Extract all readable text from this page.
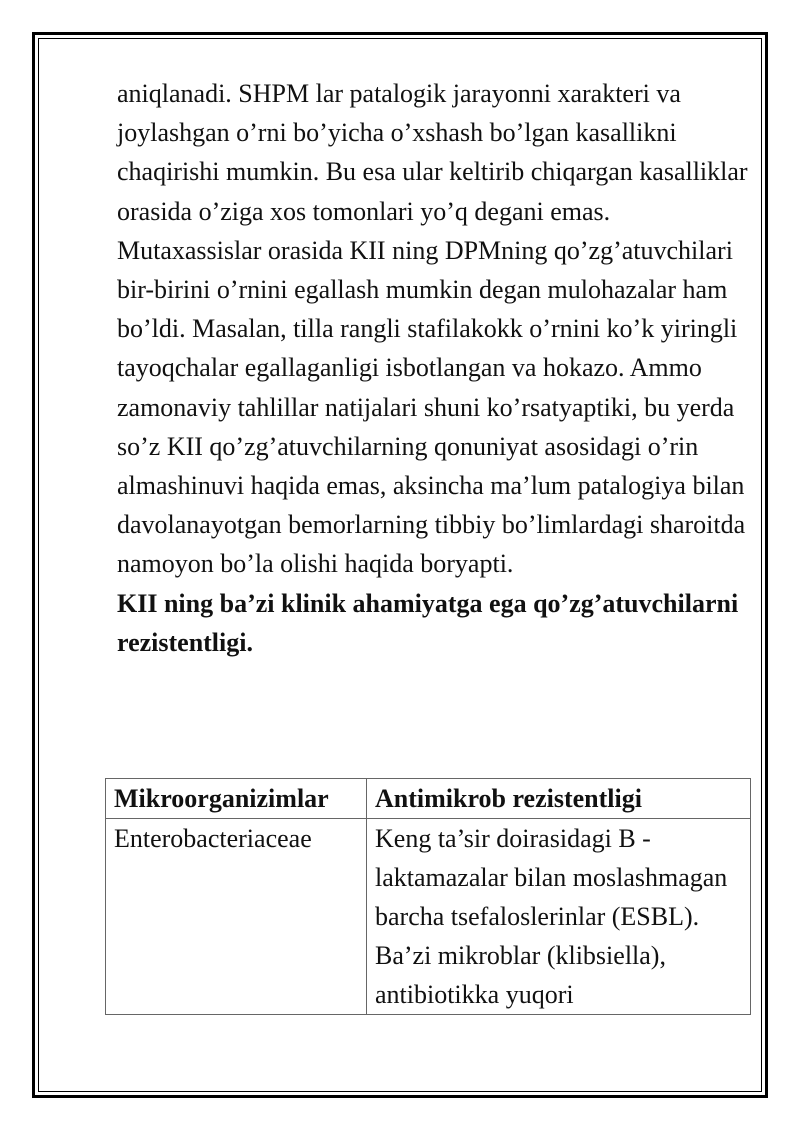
aniqlanadi. SHPM lar patalogik jarayonni xarakteri va joylashgan o’rni bo’yicha o’xshash bo’lgan kasallikni chaqirishi mumkin. Bu esa ular keltirib chiqargan kasalliklar orasida o’ziga xos tomonlari yo’q degani emas.

Mutaxassislar orasida KII ning DPMning qo’zg’atuvchilari bir-birini o’rnini egallash mumkin degan mulohazalar ham bo’ldi. Masalan, tilla rangli stafilakokk o’rnini ko’k yiringli tayoqchalar egallaganligi isbotlangan va hokazo. Ammo zamonaviy tahlillar natijalari shuni ko’rsatyaptiki, bu yerda so’z KII qo’zg’atuvchilarning qonuniyat asosidagi o’rin almashinuvi haqida emas, aksincha ma’lum patalogiya bilan davolanayotgan bemorlarning tibbiy bo’limlardagi sharoitda namoyon bo’la olishi haqida boryapti.

KII ning ba’zi klinik ahamiyatga ega qo’zg’atuvchilarni rezistentligi.

Mikroorganizimlar	Antimikrob rezistentligi
Enterobacteriaceae	Keng ta’sir doirasidagi B - laktamazalar bilan moslashmagan barcha tsefaloslerinlar (ESBL). Ba’zi mikroblar (klibsiella), antibiotikka yuqori
